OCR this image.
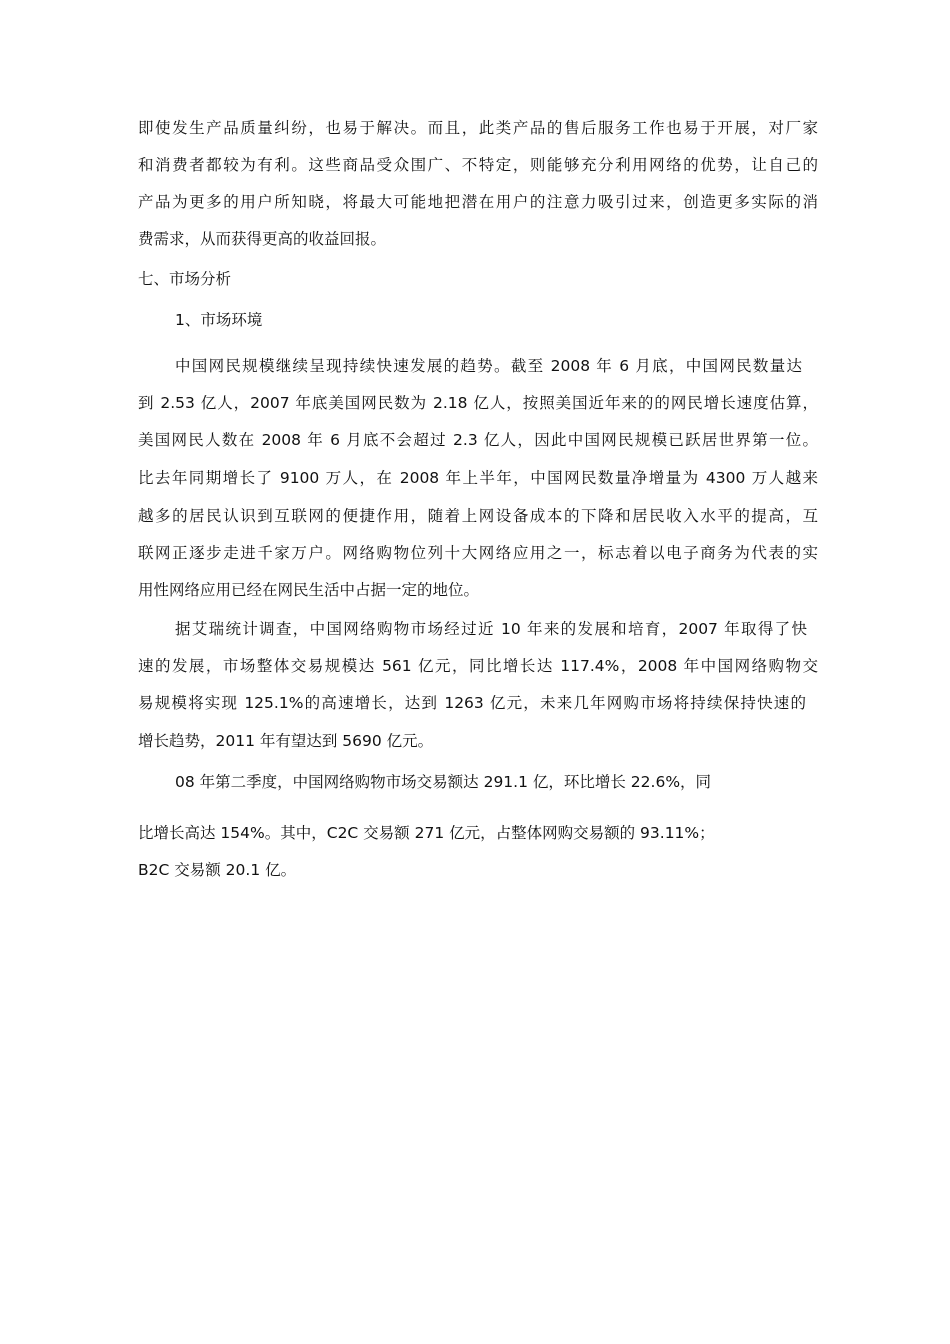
即使发生产品质量纠纷，也易于解决。而且，此类产品的售后服务工作也易于开展，对厂家

和消费者都较为有利。这些商品受众围广、不特定，则能够充分利用网络的优势，让自己的

产品为更多的用户所知晓，将最大可能地把潜在用户的注意力吸引过来，创造更多实际的消

费需求，从而获得更高的收益回报。

七、市场分析

1、市场环境

中国网民规模继续呈现持续快速发展的趋势。截至 2008 年 6 月底，中国网民数量达

到 2.53 亿人，2007 年底美国网民数为 2.18 亿人，按照美国近年来的的网民增长速度估算，

美国网民人数在 2008 年 6 月底不会超过 2.3 亿人，因此中国网民规模已跃居世界第一位。

比去年同期增长了 9100 万人，在 2008 年上半年，中国网民数量净增量为 4300 万人越来

越多的居民认识到互联网的便捷作用，随着上网设备成本的下降和居民收入水平的提高，互

联网正逐步走进千家万户。网络购物位列十大网络应用之一，标志着以电子商务为代表的实

用性网络应用已经在网民生活中占据一定的地位。

据艾瑞统计调查，中国网络购物市场经过近 10 年来的发展和培育，2007 年取得了快

速的发展，市场整体交易规模达 561 亿元，同比增长达 117.4%，2008 年中国网络购物交

易规模将实现 125.1%的高速增长，达到 1263 亿元，未来几年网购市场将持续保持快速的

增长趋势，2011 年有望达到 5690 亿元。

08 年第二季度，中国网络购物市场交易额达 291.1 亿，环比增长 22.6%，同

比增长高达 154%。其中，C2C 交易额 271 亿元，占整体网购交易额的 93.11%；

B2C 交易额 20.1 亿。
